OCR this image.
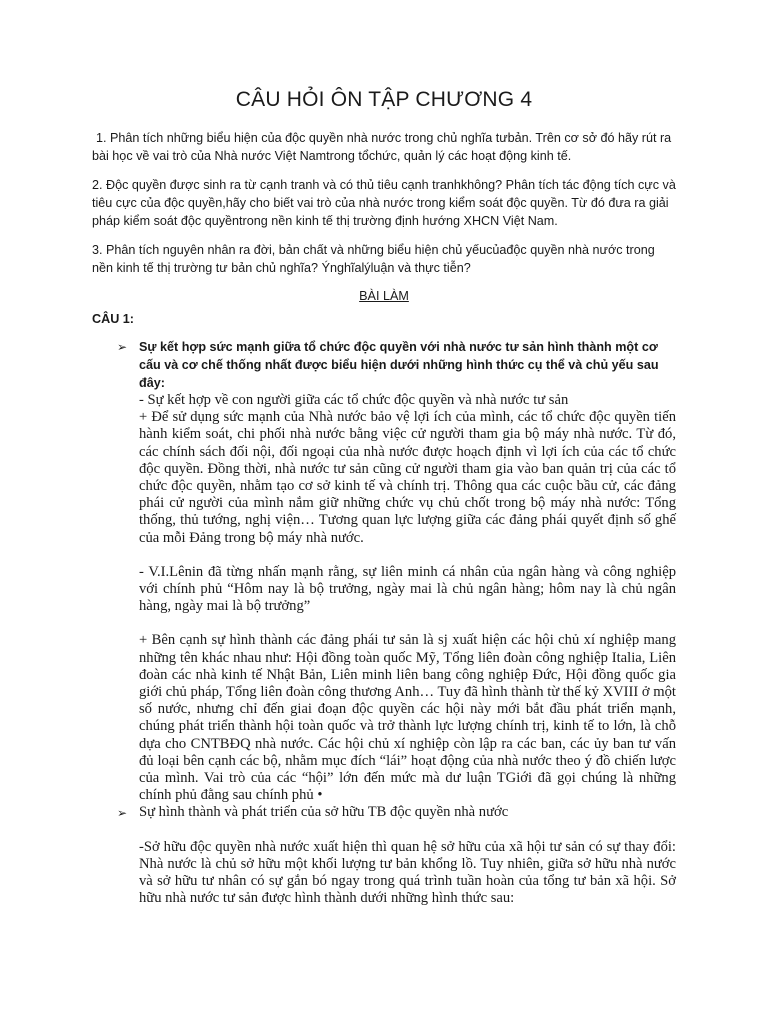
CÂU HỎI ÔN TẬP CHƯƠNG 4

1. Phân tích những biểu hiện của độc quyền nhà nước trong chủ nghĩa tưbản. Trên cơ sở đó hãy rút ra bài học về vai trò của Nhà nước Việt Namtrong tổchức, quản lý các hoạt động kinh tế.

2. Độc quyền được sinh ra từ cạnh tranh và có thủ tiêu cạnh tranhkhông? Phân tích tác động tích cực và tiêu cực của độc quyền,hãy cho biết vai trò của nhà nước trong kiểm soát độc quyền. Từ đó đưa ra giải pháp kiểm soát độc quyềntrong nền kinh tế thị trường định hướng XHCN Việt Nam.

3. Phân tích nguyên nhân ra đời, bản chất và những biểu hiện chủ yếucủađộc quyền nhà nước trong nền kinh tế thị trường tư bản chủ nghĩa? Ýnghĩalýluận và thực tiễn?

BÀI LÀM
CÂU 1:
➢ Sự kết hợp sức mạnh giữa tổ chức độc quyền với nhà nước tư sản hình thành một cơ cấu và cơ chế thống nhất được biểu hiện dưới những hình thức cụ thể và chủ yếu sau đây:

- Sự kết hợp về con người giữa các tổ chức độc quyền và nhà nước tư sản

+ Để sử dụng sức mạnh của Nhà nước bảo vệ lợi ích của mình, các tổ chức độc quyền tiến hành kiểm soát, chi phối nhà nước bằng việc cử người tham gia bộ máy nhà nước. Từ đó, các chính sách đối nội, đối ngoại của nhà nước được hoạch định vì lợi ích của các tổ chức độc quyền. Đồng thời, nhà nước tư sản cũng cử người tham gia vào ban quản trị của các tổ chức độc quyền, nhằm tạo cơ sở kinh tế và chính trị. Thông qua các cuộc bầu cử, các đảng phái cử người của mình nắm giữ những chức vụ chủ chốt trong bộ máy nhà nước: Tổng thống, thủ tướng, nghị viện… Tương quan lực lượng giữa các đảng phái quyết định số ghế của mỗi Đảng trong bộ máy nhà nước.

- V.I.Lênin đã từng nhấn mạnh rằng, sự liên minh cá nhân của ngân hàng và công nghiệp với chính phủ “Hôm nay là bộ trưởng, ngày mai là chủ ngân hàng; hôm nay là chủ ngân hàng, ngày mai là bộ trưởng”

+ Bên cạnh sự hình thành các đảng phái tư sản là sj xuất hiện các hội chủ xí nghiệp mang những tên khác nhau như: Hội đồng toàn quốc Mỹ, Tổng liên đoàn công nghiệp Italia, Liên đoàn các nhà kinh tế Nhật Bản, Liên minh liên bang công nghiệp Đức, Hội đồng quốc gia giới chủ pháp, Tổng liên đoàn công thương Anh… Tuy đã hình thành từ thế kỷ XVIII ở một số nước, nhưng chỉ đến giai đoạn độc quyền các hội này mới bắt đầu phát triển mạnh, chúng phát triển thành hội toàn quốc và trở thành lực lượng chính trị, kinh tế to lớn, là chỗ dựa cho CNTBĐQ nhà nước. Các hội chủ xí nghiệp còn lập ra các ban, các ủy ban tư vấn đủ loại bên cạnh các bộ, nhằm mục đích “lái” hoạt động của nhà nước theo ý đồ chiến lược của mình. Vai trò của các “hội” lớn đến mức mà dư luận TGiới đã gọi chúng là những chính phủ đằng sau chính phủ •

➢ Sự hình thành và phát triển của sở hữu TB độc quyền nhà nước

-Sở hữu độc quyền nhà nước xuất hiện thì quan hệ sở hữu của xã hội tư sản có sự thay đổi: Nhà nước là chủ sở hữu một khối lượng tư bản khổng lồ. Tuy nhiên, giữa sở hữu nhà nước và sở hữu tư nhân có sự gắn bó ngay trong quá trình tuần hoàn của tổng tư bản xã hội. Sở hữu nhà nước tư sản được hình thành dưới những hình thức sau:
